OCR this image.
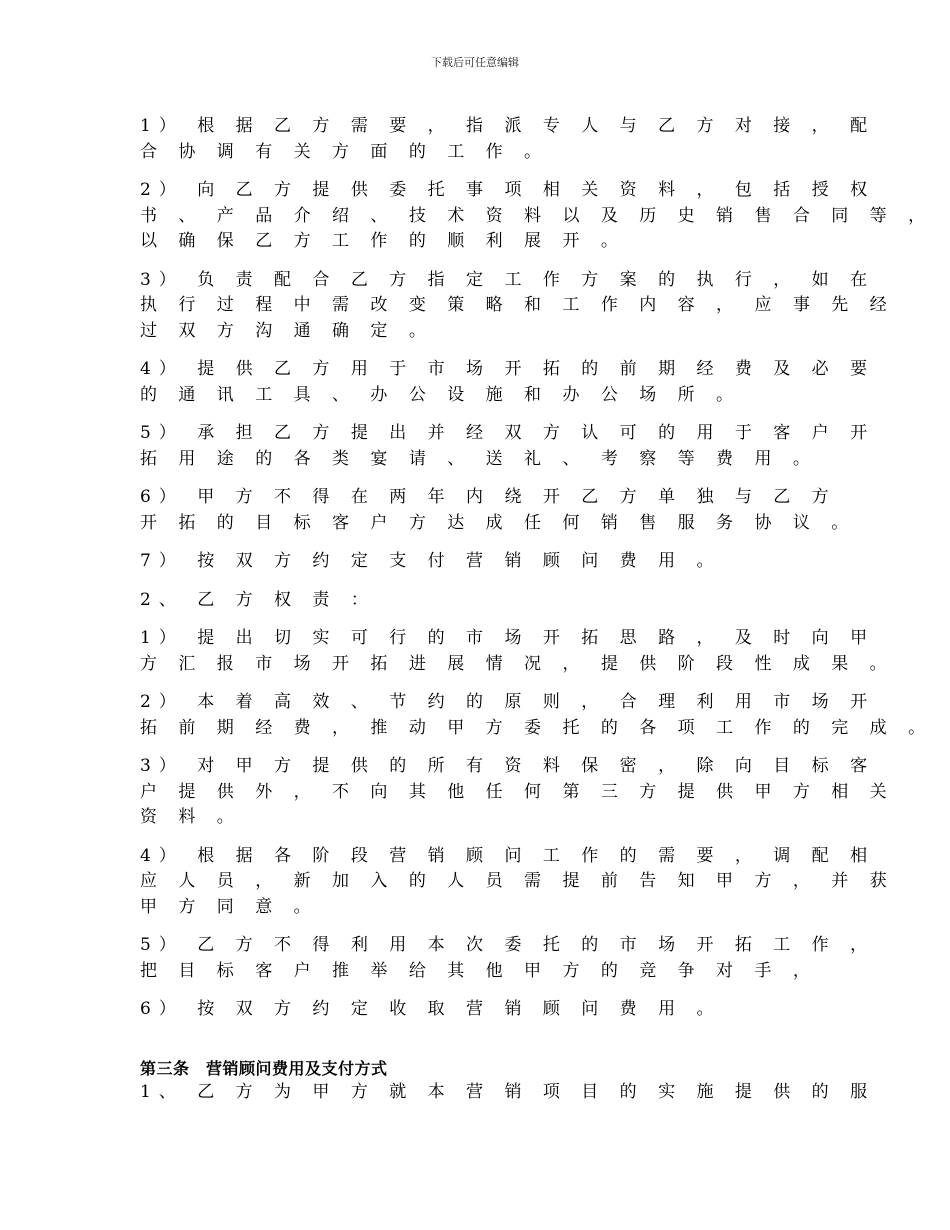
下载后可任意编辑
1） 根 据 乙 方 需 要 ， 指 派 专 人 与 乙 方 对 接 ， 配
合 协 调 有 关 方 面 的 工 作 。
2） 向 乙 方 提 供 委 托 事 项 相 关 资 料 ， 包 括 授 权
书 、 产 品 介 绍 、 技 术 资 料 以 及 历 史 销 售 合 同 等 ，
以 确 保 乙 方 工 作 的 顺 利 展 开 。
3） 负 责 配 合 乙 方 指 定 工 作 方 案 的 执 行 ， 如 在
执 行 过 程 中 需 改 变 策 略 和 工 作 内 容 ， 应 事 先 经
过 双 方 沟 通 确 定 。
4） 提 供 乙 方 用 于 市 场 开 拓 的 前 期 经 费 及 必 要
的 通 讯 工 具 、 办 公 设 施 和 办 公 场 所 。
5） 承 担 乙 方 提 出 并 经 双 方 认 可 的 用 于 客 户 开
拓 用 途 的 各 类 宴 请 、 送 礼 、 考 察 等 费 用 。
6） 甲 方 不 得 在 两 年 内 绕 开 乙 方 单 独 与 乙 方
开 拓 的 目 标 客 户 方 达 成 任 何 销 售 服 务 协 议 。
7） 按 双 方 约 定 支 付 营 销 顾 问 费 用 。
2、 乙 方 权 责 ：
1） 提 出 切 实 可 行 的 市 场 开 拓 思 路 ， 及 时 向 甲
方 汇 报 市 场 开 拓 进 展 情 况 ， 提 供 阶 段 性 成 果 。
2） 本 着 高 效 、 节 约 的 原 则 ， 合 理 利 用 市 场 开
拓 前 期 经 费 ， 推 动 甲 方 委 托 的 各 项 工 作 的 完 成 。
3） 对 甲 方 提 供 的 所 有 资 料 保 密 ， 除 向 目 标 客
户 提 供 外 ， 不 向 其 他 任 何 第 三 方 提 供 甲 方 相 关
资 料 。
4） 根 据 各 阶 段 营 销 顾 问 工 作 的 需 要 ， 调 配 相
应 人 员 ， 新 加 入 的 人 员 需 提 前 告 知 甲 方 ， 并 获
甲 方 同 意 。
5） 乙 方 不 得 利 用 本 次 委 托 的 市 场 开 拓 工 作 ，
把 目 标 客 户 推 举 给 其 他 甲 方 的 竞 争 对 手 ，
6） 按 双 方 约 定 收 取 营 销 顾 问 费 用 。
第三条　营销顾问费用及支付方式
1、 乙 方 为 甲 方 就 本 营 销 项 目 的 实 施 提 供 的 服
